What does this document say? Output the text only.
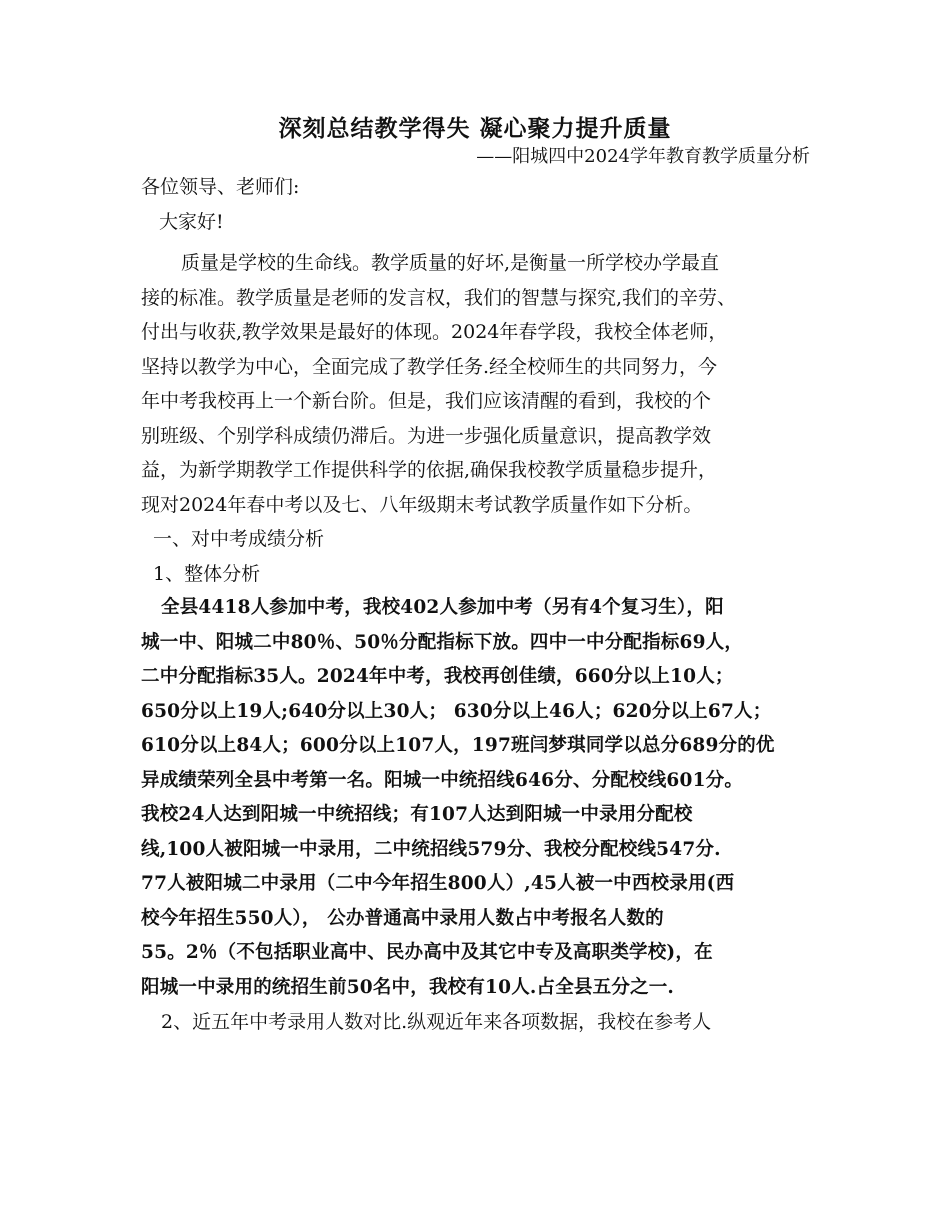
深刻总结教学得失 凝心聚力提升质量

——阳城四中2024学年教育教学质量分析

各位领导、老师们:

大家好!

质量是学校的生命线。教学质量的好坏,是衡量一所学校办学最直

接的标准。教学质量是老师的发言权，我们的智慧与探究,我们的辛劳、

付出与收获,教学效果是最好的体现。2024年春学段，我校全体老师，

坚持以教学为中心，全面完成了教学任务.经全校师生的共同努力，今

年中考我校再上一个新台阶。但是，我们应该清醒的看到，我校的个

别班级、个别学科成绩仍滞后。为进一步强化质量意识，提高教学效

益，为新学期教学工作提供科学的依据,确保我校教学质量稳步提升，

现对2024年春中考以及七、八年级期末考试教学质量作如下分析。

一、对中考成绩分析

1、整体分析

全县4418人参加中考，我校402人参加中考（另有4个复习生），阳

城一中、阳城二中80％、50％分配指标下放。四中一中分配指标69人，

二中分配指标35人。2024年中考，我校再创佳绩，660分以上10人；

650分以上19人;640分以上30人； 630分以上46人；620分以上67人；

610分以上84人；600分以上107人，197班闫梦琪同学以总分689分的优

异成绩荣列全县中考第一名。阳城一中统招线646分、分配校线601分。

我校24人达到阳城一中统招线；有107人达到阳城一中录用分配校

线,100人被阳城一中录用，二中统招线579分、我校分配校线547分.

77人被阳城二中录用（二中今年招生800人）,45人被一中西校录用(西

校今年招生550人）， 公办普通高中录用人数占中考报名人数的

55。2％（不包括职业高中、民办高中及其它中专及高职类学校)，在

阳城一中录用的统招生前50名中，我校有10人.占全县五分之一.

2、近五年中考录用人数对比.纵观近年来各项数据，我校在参考人
